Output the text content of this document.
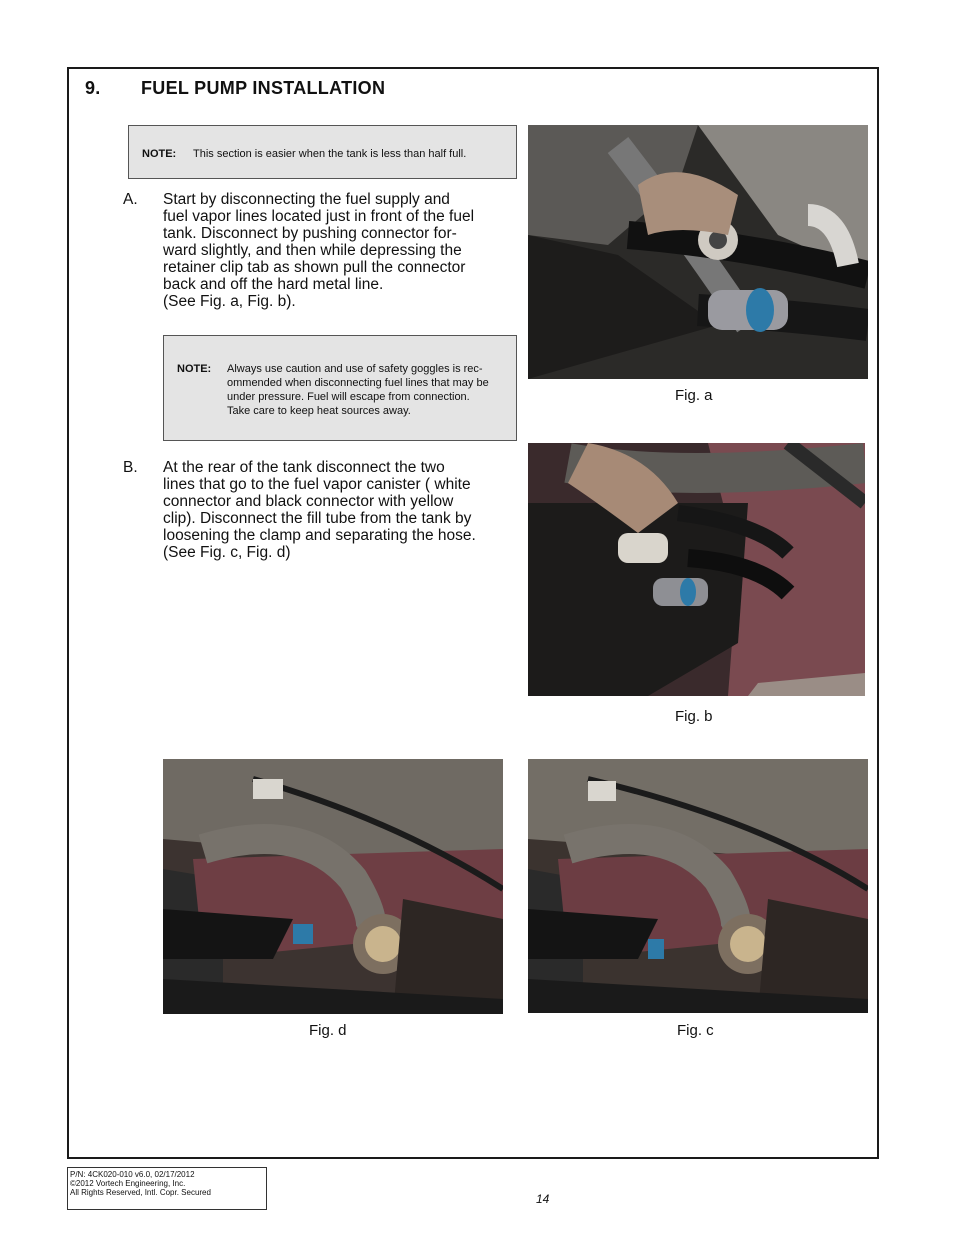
9. FUEL PUMP INSTALLATION
NOTE: This section is easier when the tank is less than half full.
A. Start by disconnecting the fuel supply and
fuel vapor lines located just in front of the fuel
tank. Disconnect by pushing connector for-
ward slightly, and then while depressing the
retainer clip tab as shown pull the connector
back and off the hard metal line.
(See Fig. a, Fig. b).
NOTE: Always use caution and use of safety goggles is rec-
ommended when disconnecting fuel lines that may be
under pressure. Fuel will escape from connection.
Take care to keep heat sources away.
B. At the rear of the tank disconnect the two
lines that go to the fuel vapor canister ( white
connector and black connector with yellow
clip). Disconnect the fill tube from the tank by
loosening the clamp and separating the hose.
(See Fig. c, Fig. d)
Fig. a
Fig. b
Fig. d	Fig. c
P/N: 4CK020-010 v6.0, 02/17/2012
©2012 Vortech Engineering, Inc.
All Rights Reserved, Intl. Copr. Secured	14
